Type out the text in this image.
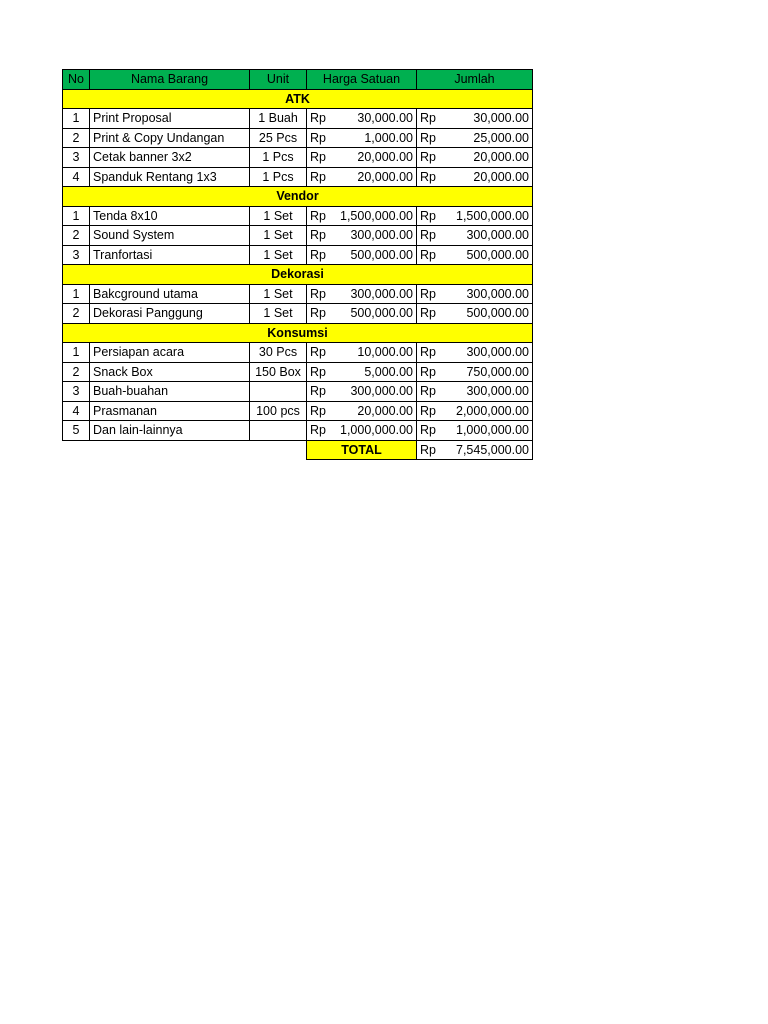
No	Nama Barang	Unit	Harga Satuan		Jumlah	
ATK						
1	Print Proposal	1 Buah	Rp	30,000.00	Rp	30,000.00
2	Print & Copy Undangan	25 Pcs	Rp	1,000.00	Rp	25,000.00
3	Cetak banner 3x2	1 Pcs	Rp	20,000.00	Rp	20,000.00
4	Spanduk Rentang 1x3	1 Pcs	Rp	20,000.00	Rp	20,000.00
Vendor						
1	Tenda 8x10	1 Set	Rp	1,500,000.00	Rp	1,500,000.00
2	Sound System	1 Set	Rp	300,000.00	Rp	300,000.00
3	Tranfortasi	1 Set	Rp	500,000.00	Rp	500,000.00
Dekorasi						
1	Bakcground utama	1 Set	Rp	300,000.00	Rp	300,000.00
2	Dekorasi Panggung	1 Set	Rp	500,000.00	Rp	500,000.00
Konsumsi						
1	Persiapan acara	30 Pcs	Rp	10,000.00	Rp	300,000.00
2	Snack Box	150 Box	Rp	5,000.00	Rp	750,000.00
3	Buah-buahan		Rp	300,000.00	Rp	300,000.00
4	Prasmanan	100 pcs	Rp	20,000.00	Rp	2,000,000.00
5	Dan lain-lainnya		Rp	1,000,000.00	Rp	1,000,000.00
			TOTAL		Rp	7,545,000.00
